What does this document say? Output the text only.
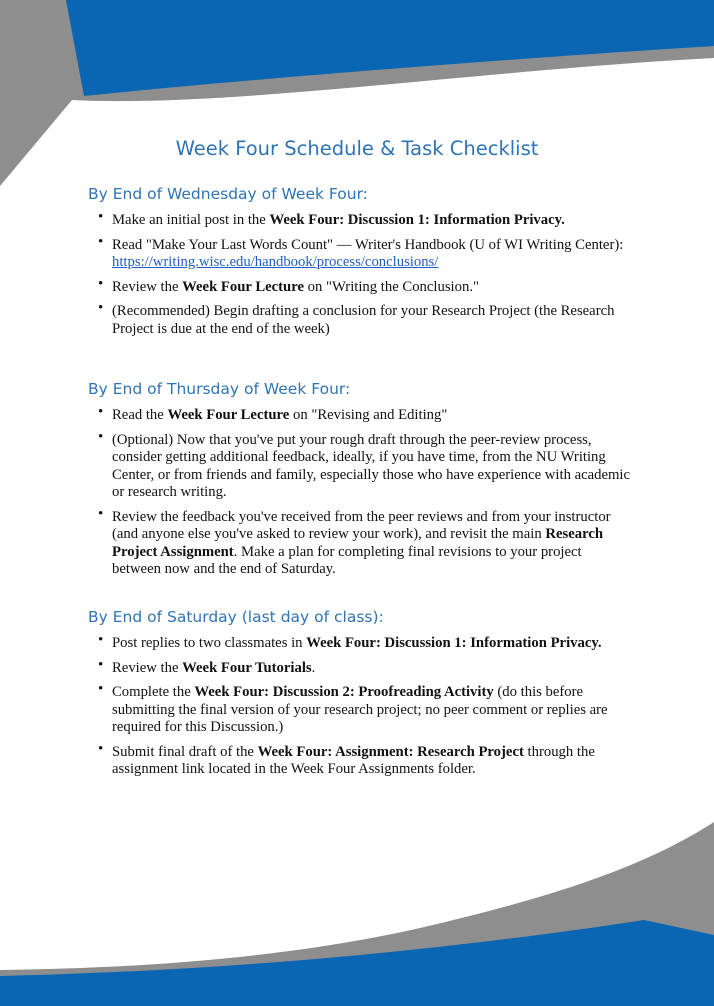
Week Four Schedule & Task Checklist
By End of Wednesday of Week Four:
• Make an initial post in the Week Four: Discussion 1: Information Privacy.
• Read "Make Your Last Words Count" — Writer's Handbook (U of WI Writing Center): https://writing.wisc.edu/handbook/process/conclusions/
• Review the Week Four Lecture on "Writing the Conclusion."
• (Recommended) Begin drafting a conclusion for your Research Project (the Research Project is due at the end of the week)
By End of Thursday of Week Four:
• Read the Week Four Lecture on "Revising and Editing"
• (Optional) Now that you've put your rough draft through the peer-review process, consider getting additional feedback, ideally, if you have time, from the NU Writing Center, or from friends and family, especially those who have experience with academic or research writing.
• Review the feedback you've received from the peer reviews and from your instructor (and anyone else you've asked to review your work), and revisit the main Research Project Assignment. Make a plan for completing final revisions to your project between now and the end of Saturday.
By End of Saturday (last day of class):
• Post replies to two classmates in Week Four: Discussion 1: Information Privacy.
• Review the Week Four Tutorials.
• Complete the Week Four: Discussion 2: Proofreading Activity (do this before submitting the final version of your research project; no peer comment or replies are required for this Discussion.)
• Submit final draft of the Week Four: Assignment: Research Project through the assignment link located in the Week Four Assignments folder.
